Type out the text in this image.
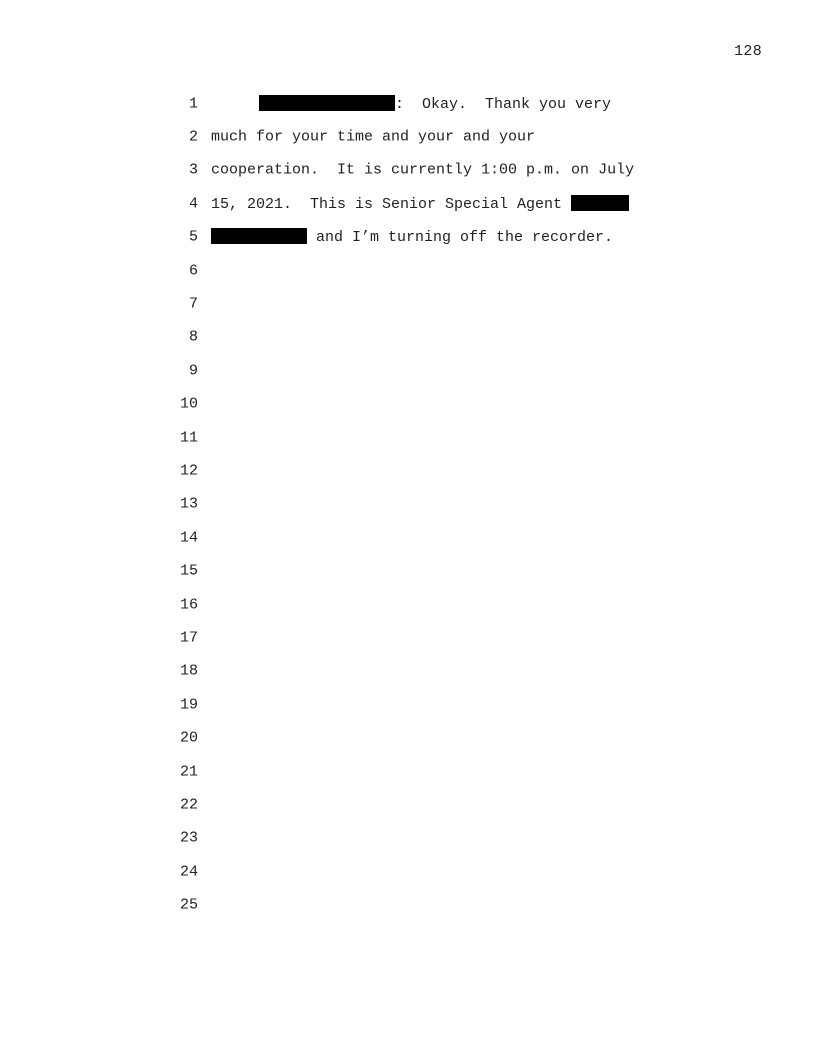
128
1	:  Okay.  Thank you very
2 much for your time and your and your
3 cooperation.  It is currently 1:00 p.m. on July
4 15, 2021.  This is Senior Special Agent
5	and I’m turning off the recorder.
6
7
8
9
10
11
12
13
14
15
16
17
18
19
20
21
22
23
24
25
